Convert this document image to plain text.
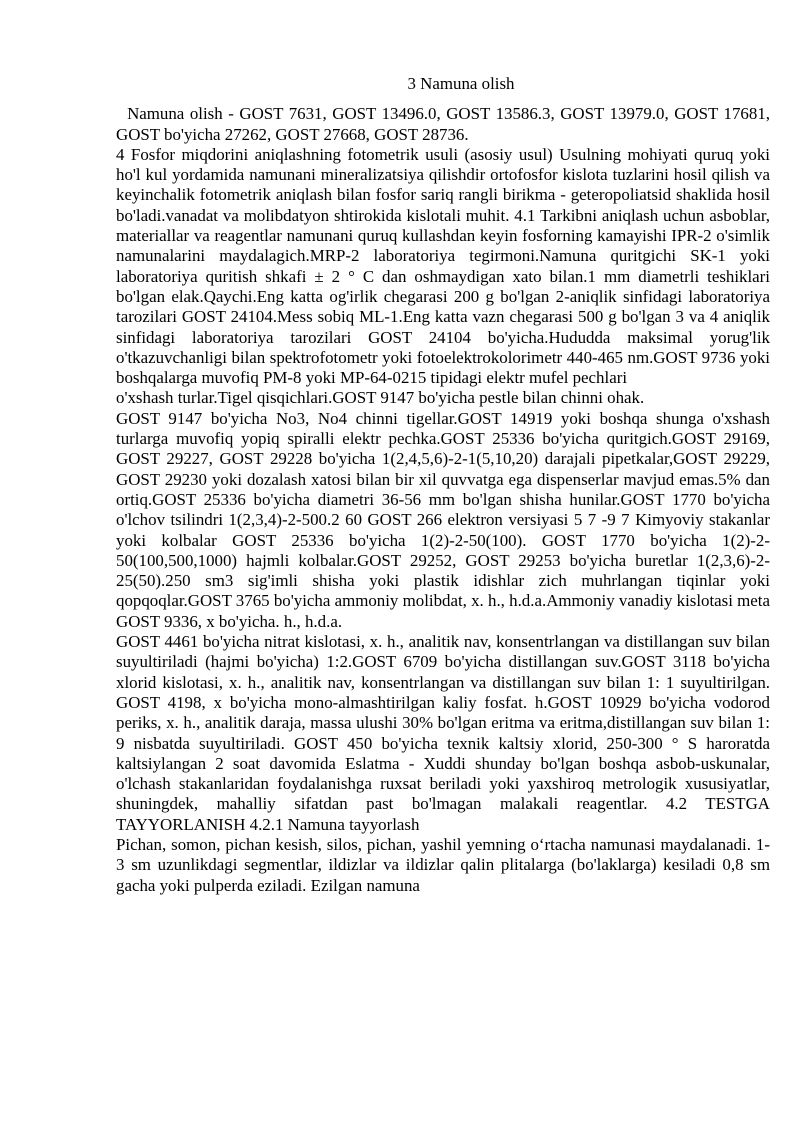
3 Namuna olish

Namuna olish - GOST 7631, GOST 13496.0, GOST 13586.3, GOST 13979.0, GOST 17681, GOST bo'yicha 27262, GOST 27668, GOST 28736.

4 Fosfor miqdorini aniqlashning fotometrik usuli (asosiy usul) Usulning mohiyati quruq yoki ho'l kul yordamida namunani mineralizatsiya qilishdir ortofosfor kislota tuzlarini hosil qilish va keyinchalik fotometrik aniqlash bilan fosfor sariq rangli birikma - geteropoliatsid shaklida hosil bo'ladi.vanadat va molibdatyon shtirokida kislotali muhit. 4.1 Tarkibni aniqlash uchun asboblar, materiallar va reagentlar namunani quruq kullashdan keyin fosforning kamayishi IPR-2 o'simlik namunalarini maydalagich.MRP-2 laboratoriya tegirmoni.Namuna quritgichi SK-1 yoki laboratoriya quritish shkafi ± 2 ° C dan oshmaydigan xato bilan.1 mm diametrli teshiklari bo'lgan elak.Qaychi.Eng katta og'irlik chegarasi 200 g bo'lgan 2-aniqlik sinfidagi laboratoriya tarozilari GOST 24104.Mess sobiq ML-1.Eng katta vazn chegarasi 500 g bo'lgan 3 va 4 aniqlik sinfidagi laboratoriya tarozilari GOST 24104 bo'yicha.Hududda maksimal yorug'lik o'tkazuvchanligi bilan spektrofotometr yoki fotoelektrokolorimetr 440-465 nm.GOST 9736 yoki boshqalarga muvofiq PM-8 yoki MP-64-0215 tipidagi elektr mufel pechlari

o'xshash turlar.Tigel qisqichlari.GOST 9147 bo'yicha pestle bilan chinni ohak.

GOST 9147 bo'yicha No3, No4 chinni tigellar.GOST 14919 yoki boshqa shunga o'xshash turlarga muvofiq yopiq spiralli elektr pechka.GOST 25336 bo'yicha quritgich.GOST 29169, GOST 29227, GOST 29228 bo'yicha 1(2,4,5,6)-2-1(5,10,20) darajali pipetkalar,GOST 29229, GOST 29230 yoki dozalash xatosi bilan bir xil quvvatga ega dispenserlar mavjud emas.5% dan ortiq.GOST 25336 bo'yicha diametri 36-56 mm bo'lgan shisha hunilar.GOST 1770 bo'yicha o'lchov tsilindri 1(2,3,4)-2-500.2 60 GOST 266 elektron versiyasi 5 7 -9 7 Kimyoviy stakanlar yoki kolbalar GOST 25336 bo'yicha 1(2)-2-50(100). GOST 1770 bo'yicha 1(2)-2-50(100,500,1000) hajmli kolbalar.GOST 29252, GOST 29253 bo'yicha buretlar 1(2,3,6)-2-25(50).250 sm3 sig'imli shisha yoki plastik idishlar zich muhrlangan tiqinlar yoki qopqoqlar.GOST 3765 bo'yicha ammoniy molibdat, x. h., h.d.a.Ammoniy vanadiy kislotasi meta GOST 9336, x bo'yicha. h., h.d.a.

GOST 4461 bo'yicha nitrat kislotasi, x. h., analitik nav, konsentrlangan va distillangan suv bilan suyultiriladi (hajmi bo'yicha) 1:2.GOST 6709 bo'yicha distillangan suv.GOST 3118 bo'yicha xlorid kislotasi, x. h., analitik nav, konsentrlangan va distillangan suv bilan 1: 1 suyultirilgan. GOST 4198, x bo'yicha mono-almashtirilgan kaliy fosfat. h.GOST 10929 bo'yicha vodorod periks, x. h., analitik daraja, massa ulushi 30% bo'lgan eritma va eritma,distillangan suv bilan 1: 9 nisbatda suyultiriladi. GOST 450 bo'yicha texnik kaltsiy xlorid, 250-300 ° S haroratda kaltsiylangan 2 soat davomida Eslatma - Xuddi shunday bo'lgan boshqa asbob-uskunalar, o'lchash stakanlaridan foydalanishga ruxsat beriladi yoki yaxshiroq metrologik xususiyatlar, shuningdek, mahalliy sifatdan past bo'lmagan malakali reagentlar. 4.2 TESTGA TAYYORLANISH 4.2.1 Namuna tayyorlash

Pichan, somon, pichan kesish, silos, pichan, yashil yemning o‘rtacha namunasi maydalanadi. 1-3 sm uzunlikdagi segmentlar, ildizlar va ildizlar qalin plitalarga (bo'laklarga) kesiladi 0,8 sm gacha yoki pulperda eziladi. Ezilgan namuna
